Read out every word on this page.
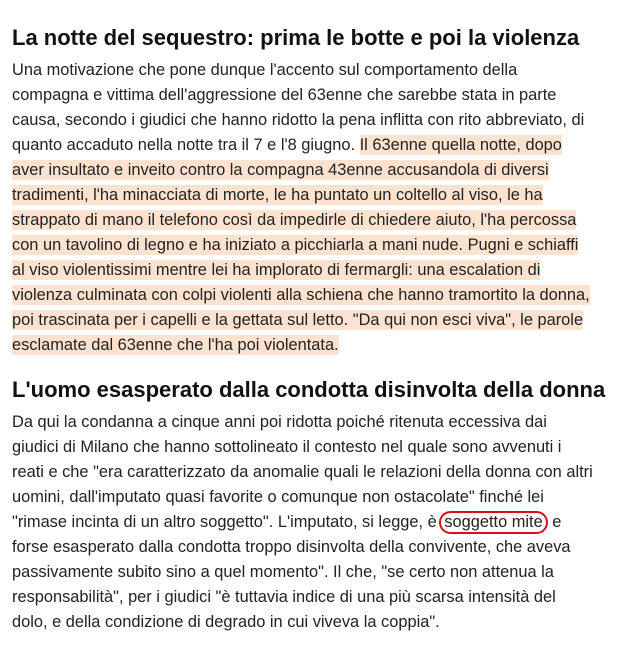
La notte del sequestro: prima le botte e poi la violenza
Una motivazione che pone dunque l'accento sul comportamento della
compagna e vittima dell'aggressione del 63enne che sarebbe stata in parte
causa, secondo i giudici che hanno ridotto la pena inflitta con rito abbreviato, di
quanto accaduto nella notte tra il 7 e l'8 giugno. Il 63enne quella notte, dopo
aver insultato e inveito contro la compagna 43enne accusandola di diversi
tradimenti, l'ha minacciata di morte, le ha puntato un coltello al viso, le ha
strappato di mano il telefono così da impedirle di chiedere aiuto, l'ha percossa
con un tavolino di legno e ha iniziato a picchiarla a mani nude. Pugni e schiaffi
al viso violentissimi mentre lei ha implorato di fermargli: una escalation di
violenza culminata con colpi violenti alla schiena che hanno tramortito la donna,
poi trascinata per i capelli e la gettata sul letto. "Da qui non esci viva", le parole
esclamate dal 63enne che l'ha poi violentata.
L'uomo esasperato dalla condotta disinvolta della donna
Da qui la condanna a cinque anni poi ridotta poiché ritenuta eccessiva dai
giudici di Milano che hanno sottolineato il contesto nel quale sono avvenuti i
reati e che "era caratterizzato da anomalie quali le relazioni della donna con altri
uomini, dall'imputato quasi favorite o comunque non ostacolate" finché lei
"rimase incinta di un altro soggetto". L'imputato, si legge, è soggetto mite e
forse esasperato dalla condotta troppo disinvolta della convivente, che aveva
passivamente subito sino a quel momento". Il che, "se certo non attenua la
responsabilità", per i giudici "è tuttavia indice di una più scarsa intensità del
dolo, e della condizione di degrado in cui viveva la coppia".
